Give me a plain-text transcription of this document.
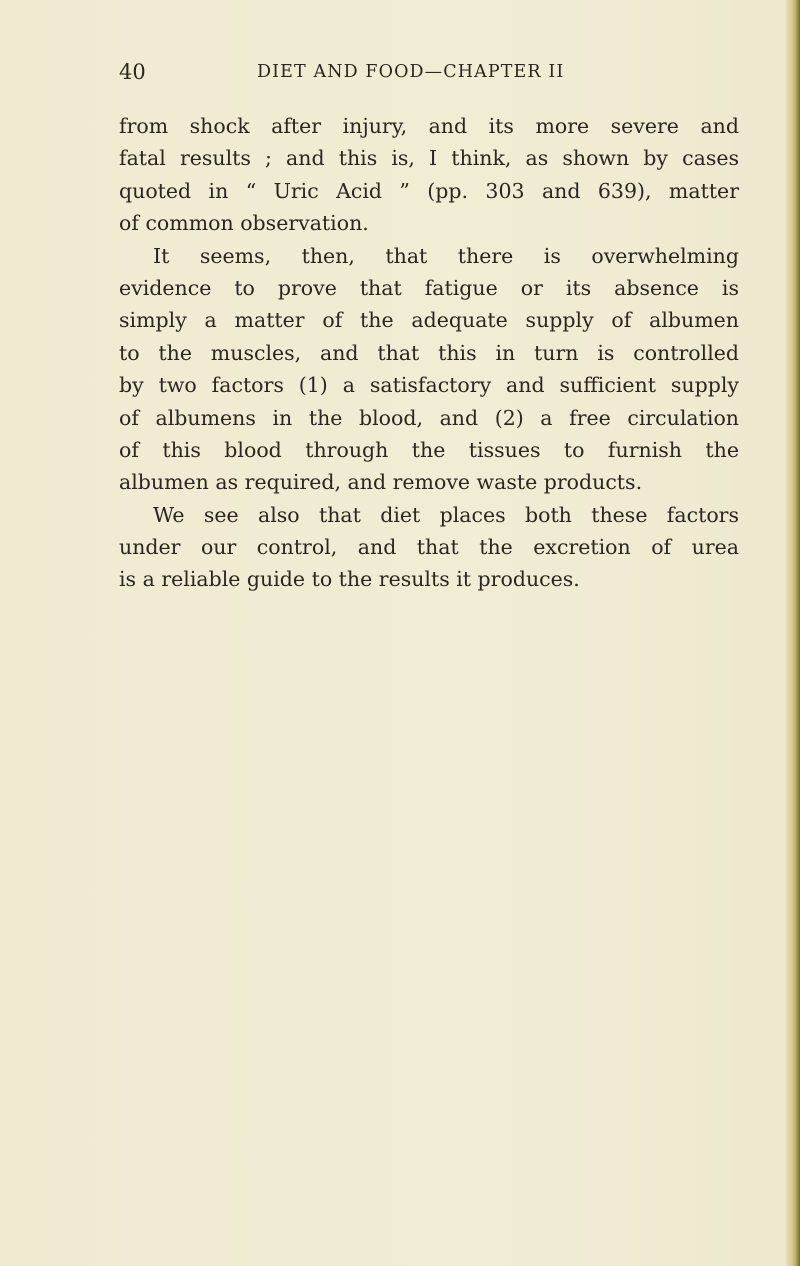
40	DIET AND FOOD—CHAPTER II
from shock after injury, and its more severe and
fatal results ; and this is, I think, as shown by cases
quoted in “ Uric Acid ” (pp. 303 and 639), matter
of common observation.
It seems, then, that there is overwhelming
evidence to prove that fatigue or its absence is
simply a matter of the adequate supply of albumen
to the muscles, and that this in turn is controlled
by two factors (1) a satisfactory and sufficient supply
of albumens in the blood, and (2) a free circulation
of this blood through the tissues to furnish the
albumen as required, and remove waste products.
We see also that diet places both these factors
under our control, and that the excretion of urea
is a reliable guide to the results it produces.
